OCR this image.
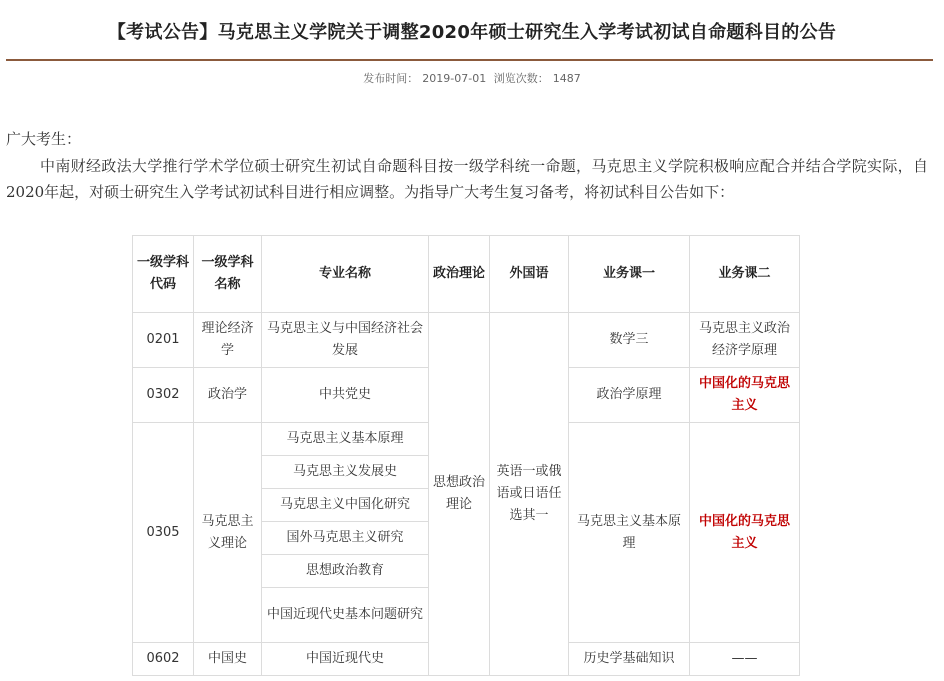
【考试公告】马克思主义学院关于调整2020年硕士研究生入学考试初试自命题科目的公告
发布时间： 2019-07-01 浏览次数： 1487
广大考生：
中南财经政法大学推行学术学位硕士研究生初试自命题科目按一级学科统一命题，马克思主义学院积极响应配合并结合学院实际，自2020年起，对硕士研究生入学考试初试科目进行相应调整。为指导广大考生复习备考，将初试科目公告如下：
一级学科代码	一级学科名称	专业名称	政治理论	外国语	业务课一	业务课二
0201	理论经济学	马克思主义与中国经济社会发展	思想政治理论	英语一或俄语或日语任选其一	数学三	马克思主义政治经济学原理
0302	政治学	中共党史			政治学原理	中国化的马克思主义
0305	马克思主义理论	马克思主义基本原理			马克思主义基本原理	中国化的马克思主义
		马克思主义发展史				
		马克思主义中国化研究				
		国外马克思主义研究				
		思想政治教育				
		中国近现代史基本问题研究				
0602	中国史	中国近现代史			历史学基础知识	——
